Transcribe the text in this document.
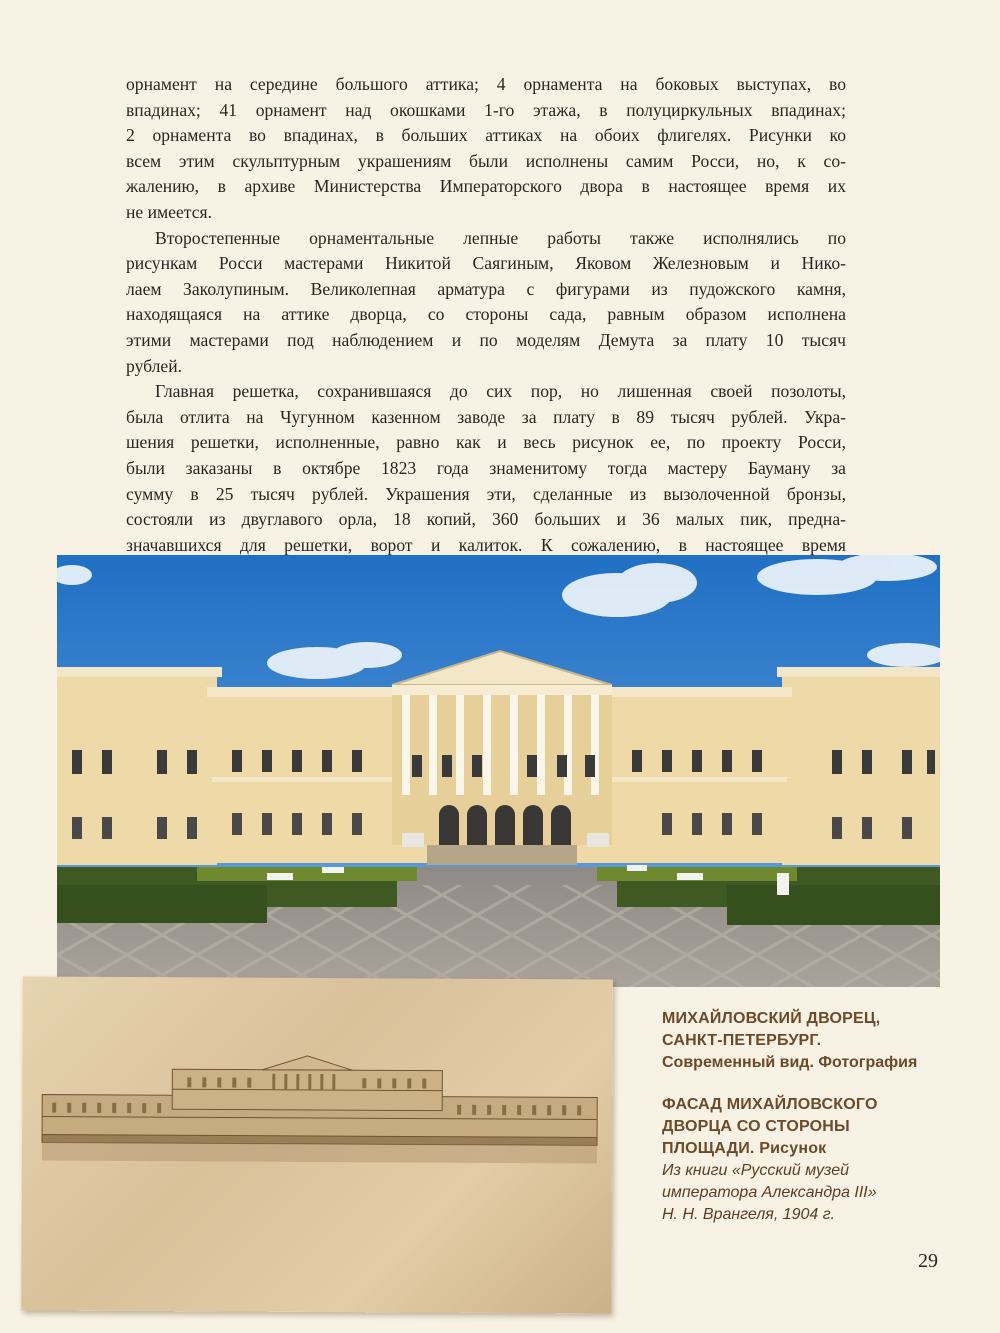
орнамент на середине большого аттика; 4 орнамента на боковых выступах, во
впадинах; 41 орнамент над окошками 1-го этажа, в полуциркульных впадинах;
2 орнамента во впадинах, в больших аттиках на обоих флигелях. Рисунки ко
всем этим скульптурным украшениям были исполнены самим Росси, но, к со-
жалению, в архиве Министерства Императорского двора в настоящее время их
не имеется.

Второстепенные орнаментальные лепные работы также исполнялись по
рисункам Росси мастерами Никитой Саягиным, Яковом Железновым и Нико-
лаем Заколупиным. Великолепная арматура с фигурами из пудожского камня,
находящаяся на аттике дворца, со стороны сада, равным образом исполнена
этими мастерами под наблюдением и по моделям Демута за плату 10 тысяч
рублей.

Главная решетка, сохранившаяся до сих пор, но лишенная своей позолоты,
была отлита на Чугунном казенном заводе за плату в 89 тысяч рублей. Укра-
шения решетки, исполненные, равно как и весь рисунок ее, по проекту Росси,
были заказаны в октябре 1823 года знаменитому тогда мастеру Бауману за
сумму в 25 тысяч рублей. Украшения эти, сделанные из вызолоченной бронзы,
состояли из двуглавого орла, 18 копий, 360 больших и 36 малых пик, предна-
значавшихся для решетки, ворот и калиток. К сожалению, в настоящее время

МИХАЙЛОВСКИЙ ДВОРЕЦ,

САНКТ-ПЕТЕРБУРГ.

Современный вид. Фотография

ФАСАД МИХАЙЛОВСКОГО

ДВОРЦА СО СТОРОНЫ

ПЛОЩАДИ. Рисунок

Из книги «Русский музей

императора Александра III»

Н. Н. Врангеля, 1904 г.

29
